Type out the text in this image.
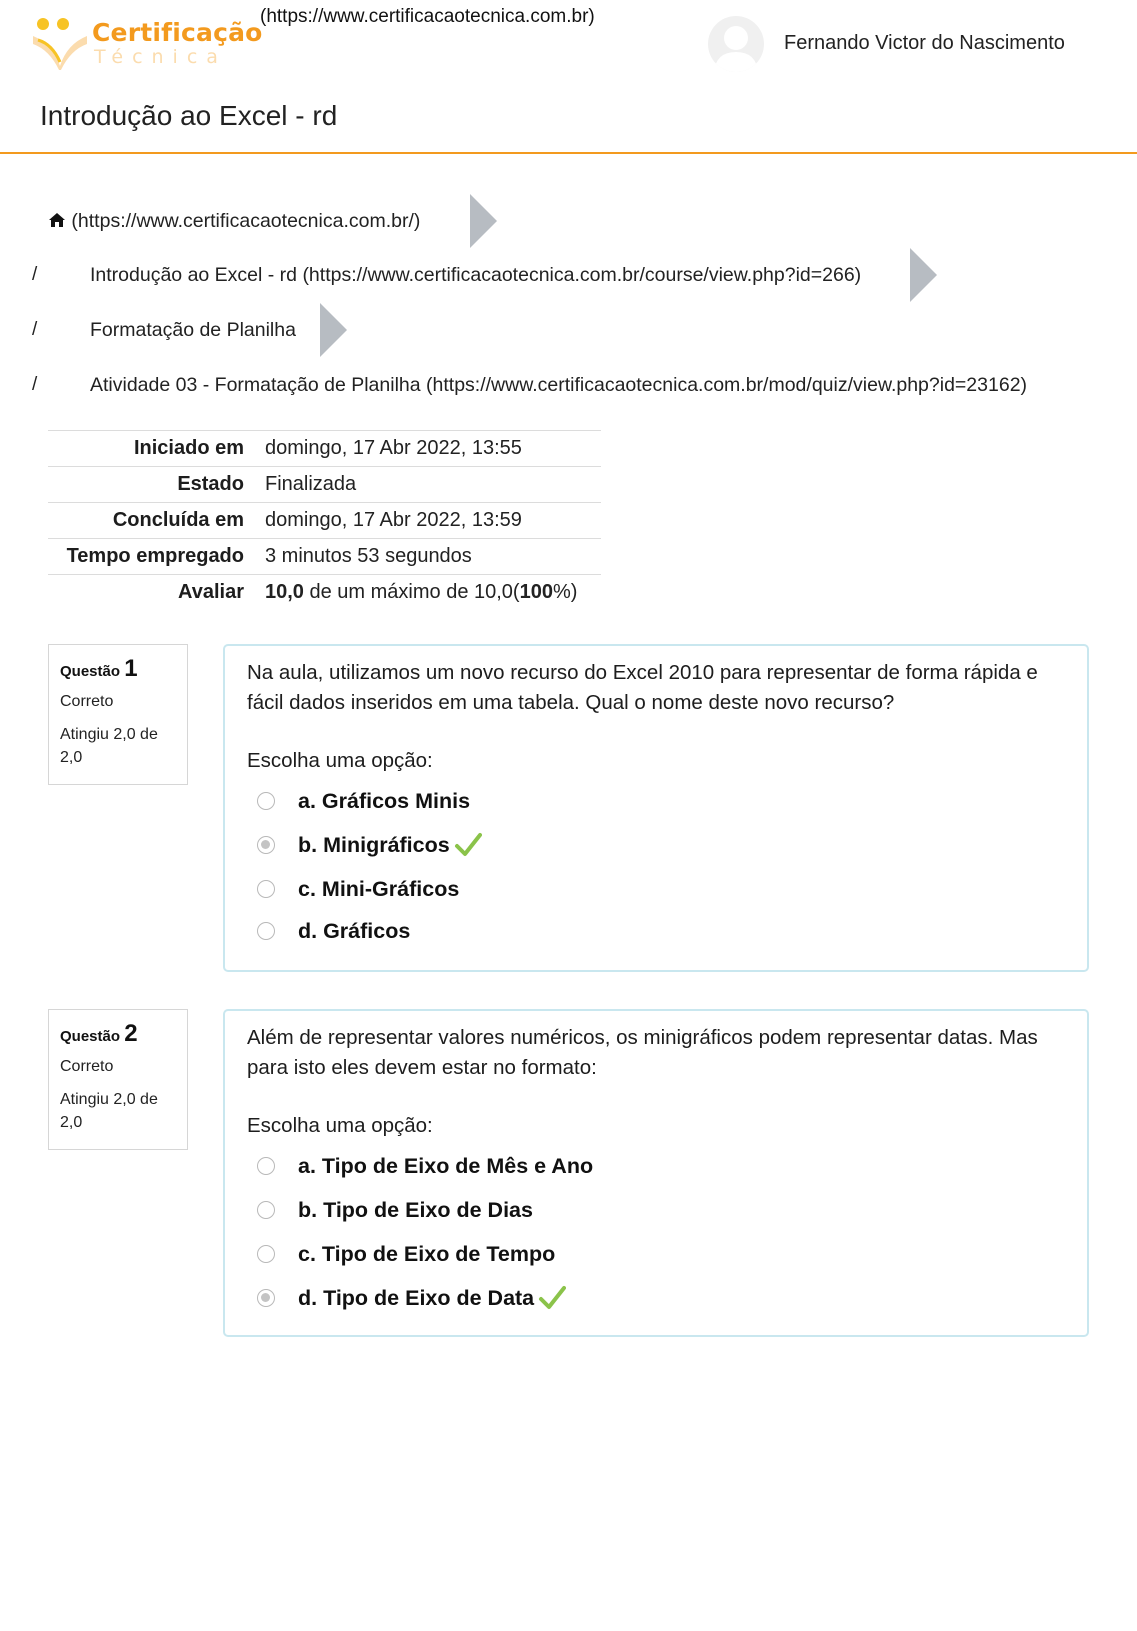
Certificação
Técnica
(https://www.certificacaotecnica.com.br)
Fernando Victor do Nascimento
Introdução ao Excel - rd
(https://www.certificacaotecnica.com.br/)
/	Introdução ao Excel - rd (https://www.certificacaotecnica.com.br/course/view.php?id=266)
/	Formatação de Planilha
/	Atividade 03 - Formatação de Planilha (https://www.certificacaotecnica.com.br/mod/quiz/view.php?id=23162)
Iniciado em	domingo, 17 Abr 2022, 13:55
Estado	Finalizada
Concluída em	domingo, 17 Abr 2022, 13:59
Tempo empregado	3 minutos 53 segundos
Avaliar	10,0 de um máximo de 10,0(100%)
Questão 1
Correto
Atingiu 2,0 de 2,0
Na aula, utilizamos um novo recurso do Excel 2010 para representar de forma rápida e fácil dados inseridos em uma tabela. Qual o nome deste novo recurso?
Escolha uma opção:
a. Gráficos Minis
b. Minigráficos
c. Mini-Gráficos
d. Gráficos
Questão 2
Correto
Atingiu 2,0 de 2,0
Além de representar valores numéricos, os minigráficos podem representar datas. Mas para isto eles devem estar no formato:
Escolha uma opção:
a. Tipo de Eixo de Mês e Ano
b. Tipo de Eixo de Dias
c. Tipo de Eixo de Tempo
d. Tipo de Eixo de Data
